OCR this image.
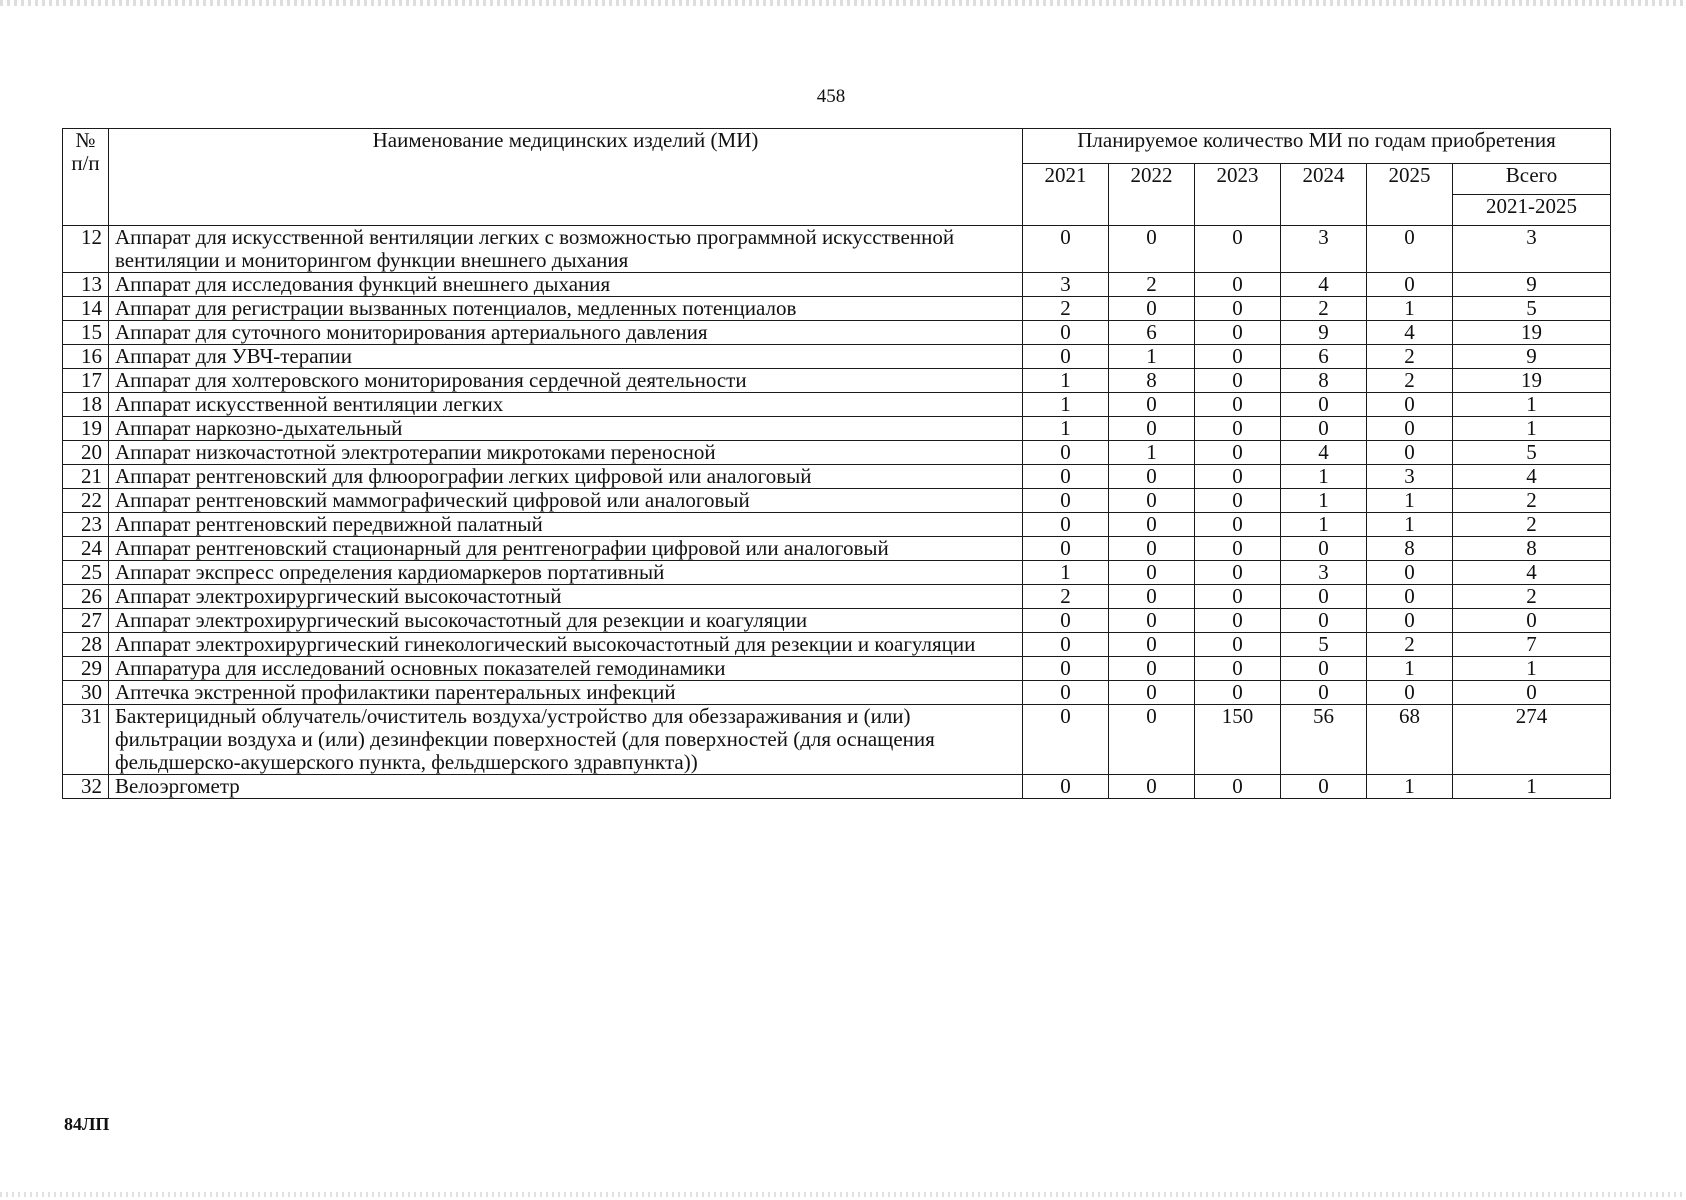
458
№ п/п	Наименование медицинских изделий (МИ)	Планируемое количество МИ по годам приобретения					
		2021	2022	2023	2024	2025	Всего
							2021-2025
12	Аппарат для искусственной вентиляции легких с возможностью программной искусственной вентиляции и мониторингом функции внешнего дыхания	0	0	0	3	0	3
13	Аппарат для исследования функций внешнего дыхания	3	2	0	4	0	9
14	Аппарат для регистрации вызванных потенциалов, медленных потенциалов	2	0	0	2	1	5
15	Аппарат для суточного мониторирования артериального давления	0	6	0	9	4	19
16	Аппарат для УВЧ-терапии	0	1	0	6	2	9
17	Аппарат для холтеровского мониторирования сердечной деятельности	1	8	0	8	2	19
18	Аппарат искусственной вентиляции легких	1	0	0	0	0	1
19	Аппарат наркозно-дыхательный	1	0	0	0	0	1
20	Аппарат низкочастотной электротерапии микротоками переносной	0	1	0	4	0	5
21	Аппарат рентгеновский для флюорографии легких цифровой или аналоговый	0	0	0	1	3	4
22	Аппарат рентгеновский маммографический цифровой или аналоговый	0	0	0	1	1	2
23	Аппарат рентгеновский передвижной палатный	0	0	0	1	1	2
24	Аппарат рентгеновский стационарный для рентгенографии цифровой или аналоговый	0	0	0	0	8	8
25	Аппарат экспресс определения кардиомаркеров портативный	1	0	0	3	0	4
26	Аппарат электрохирургический высокочастотный	2	0	0	0	0	2
27	Аппарат электрохирургический высокочастотный для резекции и коагуляции	0	0	0	0	0	0
28	Аппарат электрохирургический гинекологический высокочастотный для резекции и коагуляции	0	0	0	5	2	7
29	Аппаратура для исследований основных показателей гемодинамики	0	0	0	0	1	1
30	Аптечка экстренной профилактики парентеральных инфекций	0	0	0	0	0	0
31	Бактерицидный облучатель/очиститель воздуха/устройство для обеззараживания и (или) фильтрации воздуха и (или) дезинфекции поверхностей (для поверхностей (для оснащения фельдшерско-акушерского пункта, фельдшерского здравпункта))	0	0	150	56	68	274
32	Велоэргометр	0	0	0	0	1	1
84ЛП
